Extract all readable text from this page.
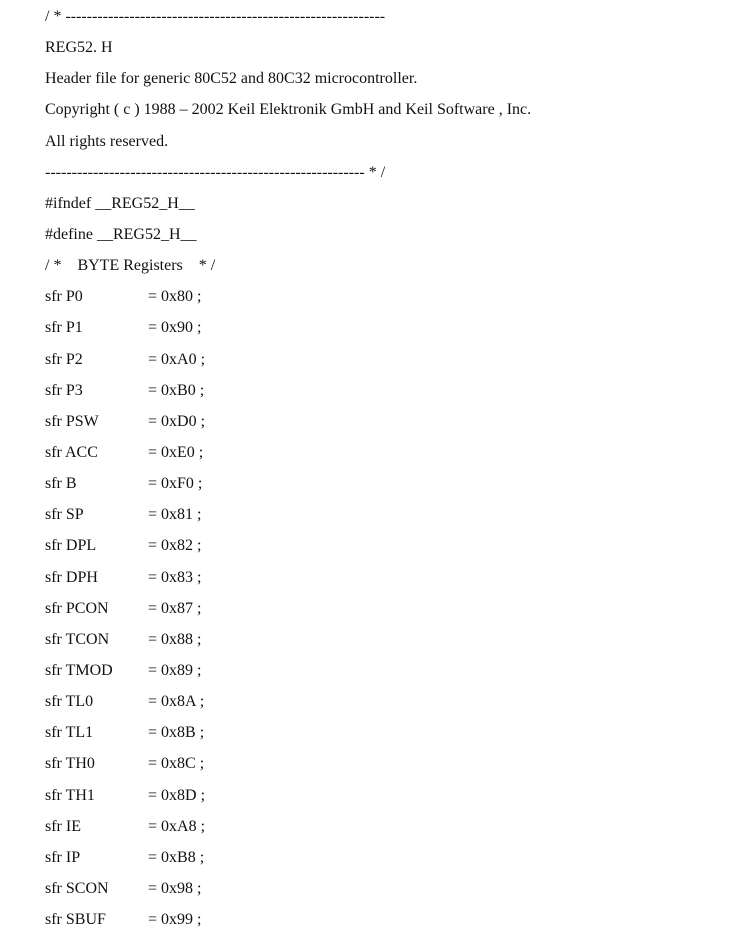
/ * ------------------------------------------------------------
REG52. H
Header file for generic 80C52 and 80C32 microcontroller.
Copyright ( c ) 1988 – 2002 Keil Elektronik GmbH and Keil Software , Inc.
All rights reserved.
------------------------------------------------------------ * /
#ifndef __REG52_H__
#define __REG52_H__
/ *    BYTE Registers    * /
sfr P0	= 0x80 ;
sfr P1	= 0x90 ;
sfr P2	= 0xA0 ;
sfr P3	= 0xB0 ;
sfr PSW	= 0xD0 ;
sfr ACC	= 0xE0 ;
sfr B	= 0xF0 ;
sfr SP	= 0x81 ;
sfr DPL	= 0x82 ;
sfr DPH	= 0x83 ;
sfr PCON	= 0x87 ;
sfr TCON	= 0x88 ;
sfr TMOD	= 0x89 ;
sfr TL0	= 0x8A ;
sfr TL1	= 0x8B ;
sfr TH0	= 0x8C ;
sfr TH1	= 0x8D ;
sfr IE	= 0xA8 ;
sfr IP	= 0xB8 ;
sfr SCON	= 0x98 ;
sfr SBUF	= 0x99 ;
